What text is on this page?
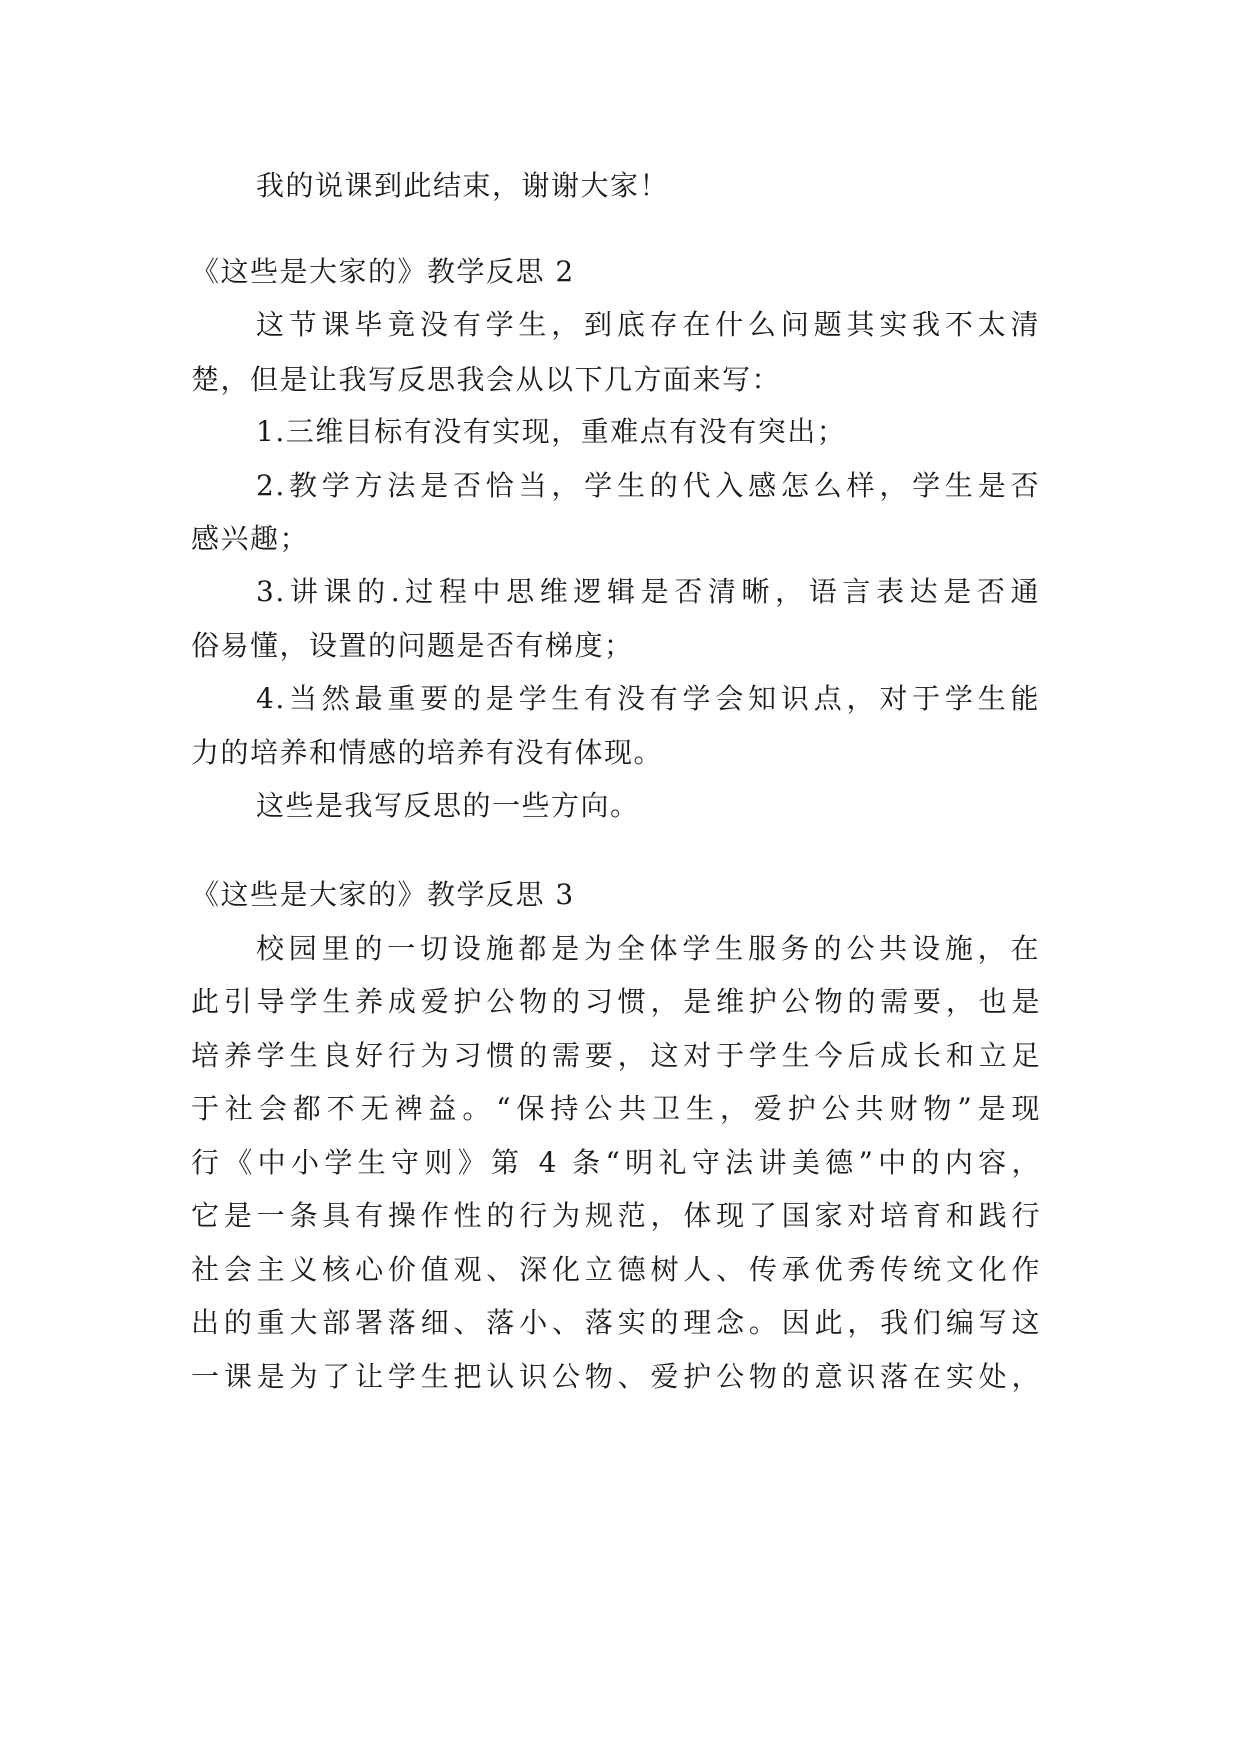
我的说课到此结束，谢谢大家！
《这些是大家的》教学反思 2
这节课毕竟没有学生，到底存在什么问题其实我不太清
楚，但是让我写反思我会从以下几方面来写：
1.三维目标有没有实现，重难点有没有突出；
2.教学方法是否恰当，学生的代入感怎么样，学生是否
感兴趣；
3.讲课的.过程中思维逻辑是否清晰，语言表达是否通
俗易懂，设置的问题是否有梯度；
4.当然最重要的是学生有没有学会知识点，对于学生能
力的培养和情感的培养有没有体现。
这些是我写反思的一些方向。
《这些是大家的》教学反思 3
校园里的一切设施都是为全体学生服务的公共设施，在
此引导学生养成爱护公物的习惯，是维护公物的需要，也是
培养学生良好行为习惯的需要，这对于学生今后成长和立足
于社会都不无裨益。“保持公共卫生，爱护公共财物”是现
行《中小学生守则》第 4 条“明礼守法讲美德”中的内容，
它是一条具有操作性的行为规范，体现了国家对培育和践行
社会主义核心价值观、深化立德树人、传承优秀传统文化作
出的重大部署落细、落小、落实的理念。因此，我们编写这
一课是为了让学生把认识公物、爱护公物的意识落在实处，
